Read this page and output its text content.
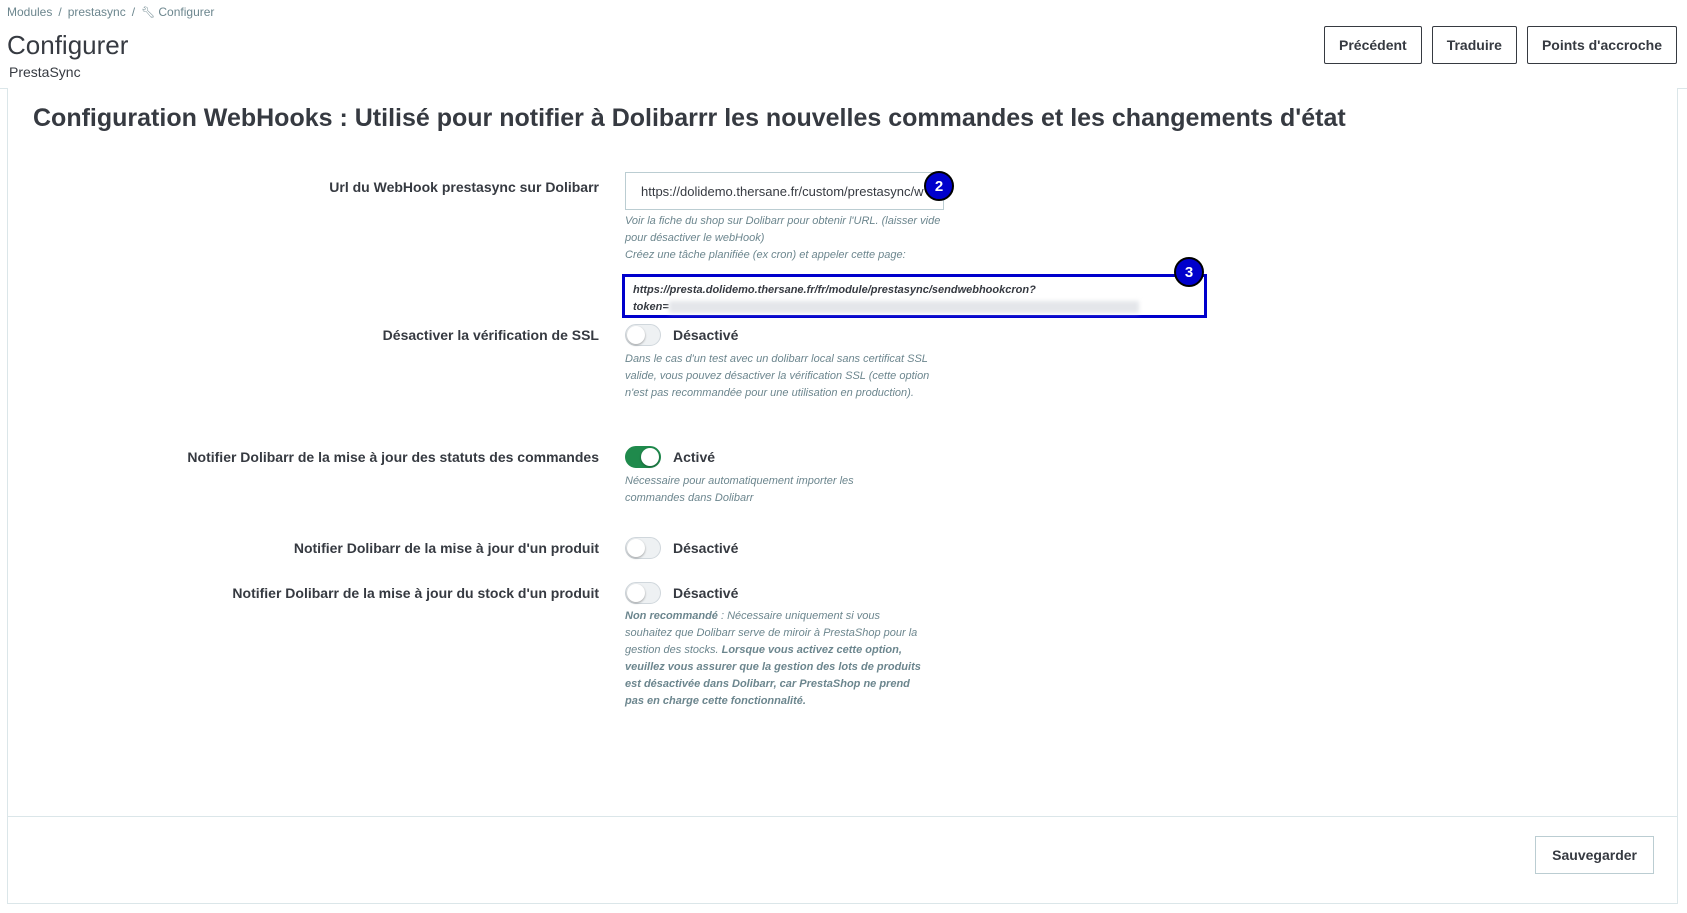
Modules / prestasync / 🔧︎ Configurer
Configurer
PrestaSync
Précédent	Traduire	Points d'accroche
Configuration WebHooks : Utilisé pour notifier à Dolibarrr les nouvelles commandes et les changements d'état
Url du WebHook prestasync sur Dolibarr
https://dolidemo.thersane.fr/custom/prestasync/w	2
Voir la fiche du shop sur Dolibarr pour obtenir l'URL. (laisser vide pour désactiver le webHook)
Créez une tâche planifiée (ex cron) et appeler cette page:
https://presta.dolidemo.thersane.fr/fr/module/prestasync/sendwebhookcron?
token=
3
Désactiver la vérification de SSL	Désactivé
Dans le cas d'un test avec un dolibarr local sans certificat SSL valide, vous pouvez désactiver la vérification SSL (cette option n'est pas recommandée pour une utilisation en production).
Notifier Dolibarr de la mise à jour des statuts des commandes	Activé
Nécessaire pour automatiquement importer les commandes dans Dolibarr
Notifier Dolibarr de la mise à jour d'un produit	Désactivé
Notifier Dolibarr de la mise à jour du stock d'un produit	Désactivé
Non recommandé : Nécessaire uniquement si vous souhaitez que Dolibarr serve de miroir à PrestaShop pour la gestion des stocks. Lorsque vous activez cette option, veuillez vous assurer que la gestion des lots de produits est désactivée dans Dolibarr, car PrestaShop ne prend pas en charge cette fonctionnalité.
Sauvegarder
